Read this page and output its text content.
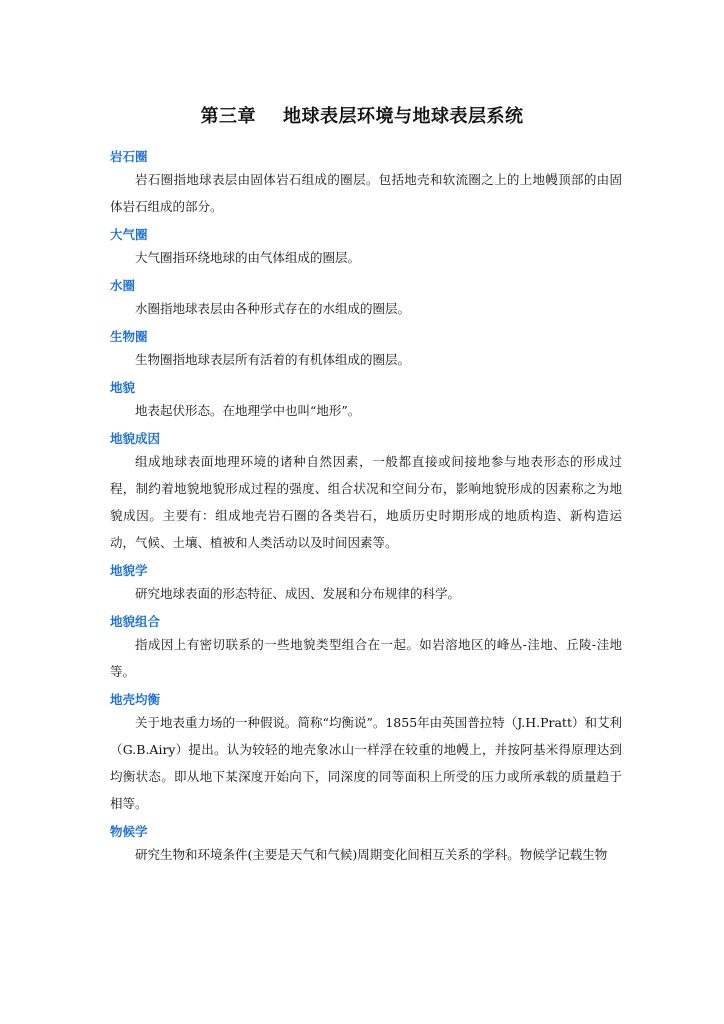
第三章    地球表层环境与地球表层系统

岩石圈

岩石圈指地球表层由固体岩石组成的圈层。包括地壳和软流圈之上的上地幔顶部的由固体岩石组成的部分。

大气圈

大气圈指环绕地球的由气体组成的圈层。

水圈

水圈指地球表层由各种形式存在的水组成的圈层。

生物圈

生物圈指地球表层所有活着的有机体组成的圈层。

地貌

地表起伏形态。在地理学中也叫“地形”。

地貌成因

组成地球表面地理环境的诸种自然因素，一般都直接或间接地参与地表形态的形成过程，制约着地貌地貌形成过程的强度、组合状况和空间分布，影响地貌形成的因素称之为地貌成因。主要有：组成地壳岩石圈的各类岩石，地质历史时期形成的地质构造、新构造运动，气候、土壤、植被和人类活动以及时间因素等。

地貌学

研究地球表面的形态特征、成因、发展和分布规律的科学。

地貌组合

指成因上有密切联系的一些地貌类型组合在一起。如岩溶地区的峰丛-洼地、丘陵-洼地等。

地壳均衡

关于地表重力场的一种假说。简称“均衡说”。1855年由英国普拉特（J.H.Pratt）和艾利（G.B.Airy）提出。认为较轻的地壳象冰山一样浮在较重的地幔上，并按阿基米得原理达到均衡状态。即从地下某深度开始向下，同深度的同等面积上所受的压力或所承载的质量趋于相等。

物候学

研究生物和环境条件(主要是天气和气候)周期变化间相互关系的学科。物候学记载生物
